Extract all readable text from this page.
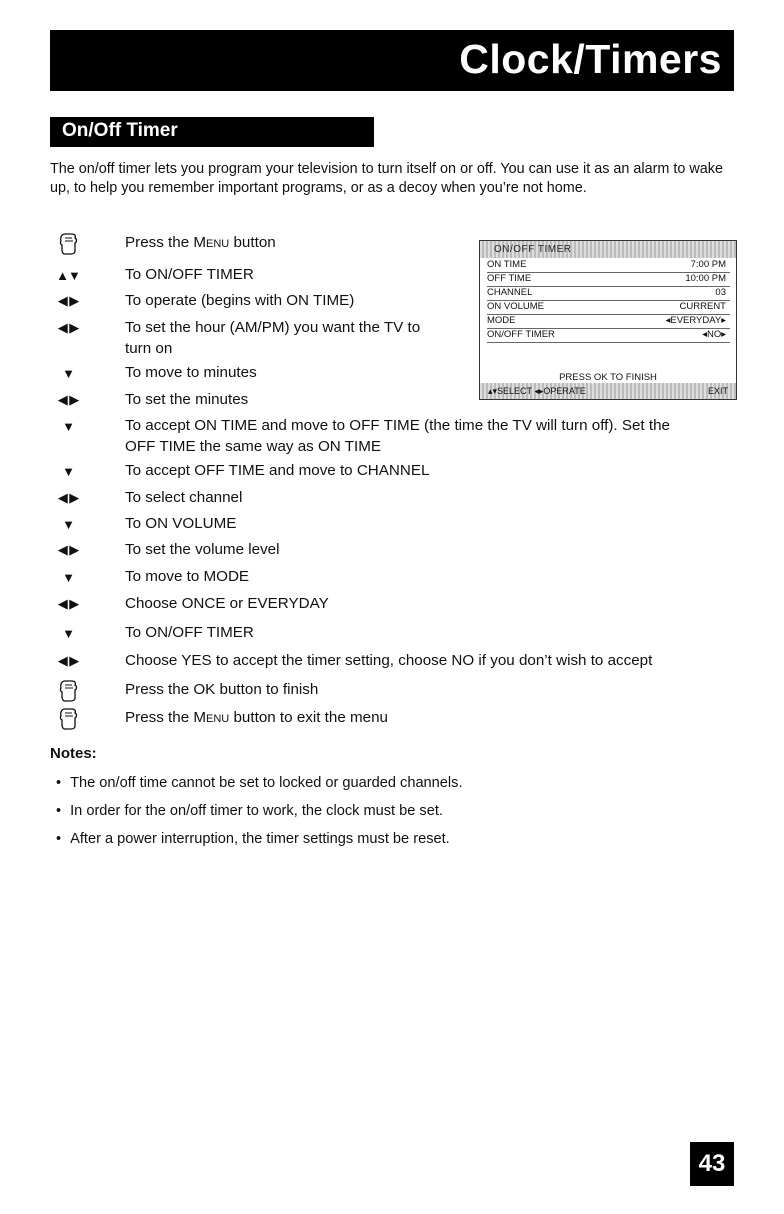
Clock/Timers
On/Off Timer
The on/off timer lets you program your television to turn itself on or off. You can use it as an alarm to wake up, to help you remember important programs, or as a decoy when you’re not home.
Press the Menu button
▲▼	To ON/OFF TIMER
◀ ▶	To operate (begins with ON TIME)
◀ ▶	To set the hour (AM/PM) you want the TV to
turn on
▼	To move to minutes
◀ ▶	To set the minutes
▼	To accept ON TIME and move to OFF TIME (the time the TV will turn off). Set the
OFF TIME the same way as ON TIME
▼	To accept OFF TIME and move to CHANNEL
◀ ▶	To select channel
▼	To ON VOLUME
◀ ▶	To set the volume level
▼	To move to MODE
◀ ▶	Choose ONCE or EVERYDAY
▼	To ON/OFF TIMER
◀ ▶	Choose YES to accept the timer setting, choose NO if you don’t wish to accept
Press the OK button to finish
Press the Menu button to exit the menu
ON/OFF TIMER
ON TIME	7:00 PM
OFF TIME	10:00 PM
CHANNEL	03
ON VOLUME	CURRENT
MODE	◂EVERYDAY▸
ON/OFF TIMER	◂NO▸
PRESS OK TO FINISH
▴▾SELECT ◂▸OPERATE	EXIT
Notes:
• The on/off time cannot be set to locked or guarded channels.
• In order for the on/off timer to work, the clock must be set.
• After a power interruption, the timer settings must be reset.
43
